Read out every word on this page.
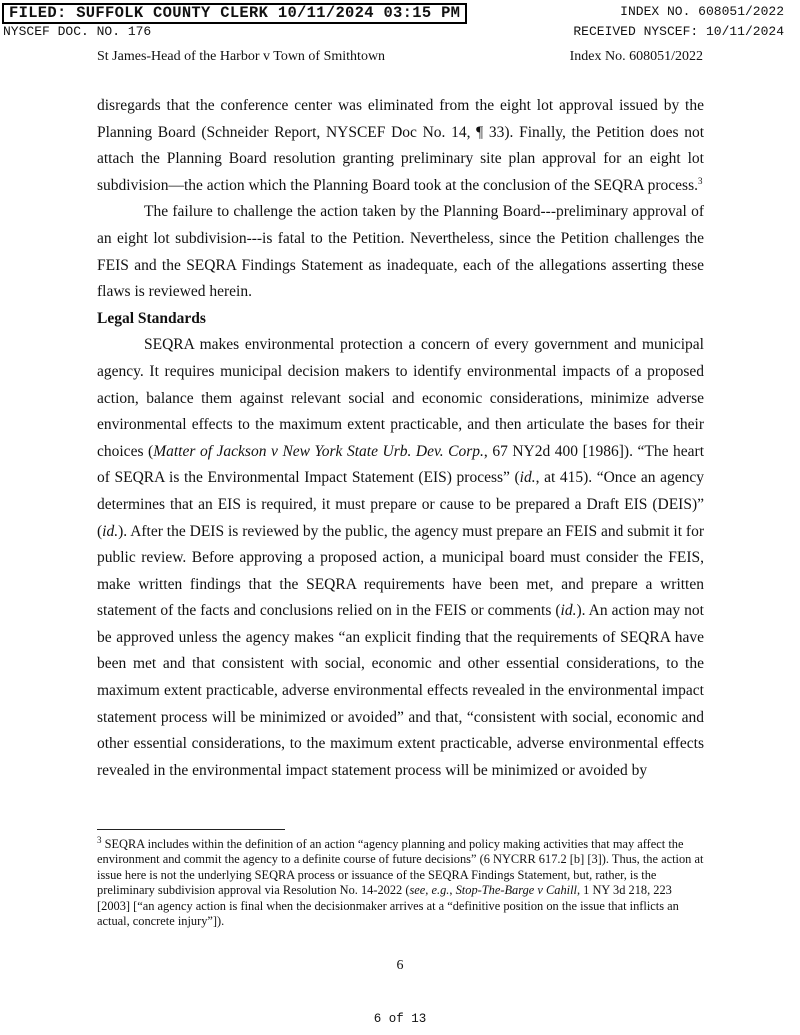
FILED: SUFFOLK COUNTY CLERK 10/11/2024 03:15 PM	INDEX NO. 608051/2022
NYSCEF DOC. NO. 176	RECEIVED NYSCEF: 10/11/2024
St James-Head of the Harbor v Town of Smithtown	Index No. 608051/2022

disregards that the conference center was eliminated from the eight lot approval issued by the Planning Board (Schneider Report, NYSCEF Doc No. 14, ¶ 33). Finally, the Petition does not attach the Planning Board resolution granting preliminary site plan approval for an eight lot subdivision—the action which the Planning Board took at the conclusion of the SEQRA process.$^3$

The failure to challenge the action taken by the Planning Board---preliminary approval of an eight lot subdivision---is fatal to the Petition. Nevertheless, since the Petition challenges the FEIS and the SEQRA Findings Statement as inadequate, each of the allegations asserting these flaws is reviewed herein.

Legal Standards

SEQRA makes environmental protection a concern of every government and municipal agency. It requires municipal decision makers to identify environmental impacts of a proposed action, balance them against relevant social and economic considerations, minimize adverse environmental effects to the maximum extent practicable, and then articulate the bases for their choices (Matter of Jackson v New York State Urb. Dev. Corp., 67 NY2d 400 [1986]). “The heart of SEQRA is the Environmental Impact Statement (EIS) process” (id., at 415). “Once an agency determines that an EIS is required, it must prepare or cause to be prepared a Draft EIS (DEIS)” (id.). After the DEIS is reviewed by the public, the agency must prepare an FEIS and submit it for public review. Before approving a proposed action, a municipal board must consider the FEIS, make written findings that the SEQRA requirements have been met, and prepare a written statement of the facts and conclusions relied on in the FEIS or comments (id.). An action may not be approved unless the agency makes “an explicit finding that the requirements of SEQRA have been met and that consistent with social, economic and other essential considerations, to the maximum extent practicable, adverse environmental effects revealed in the environmental impact statement process will be minimized or avoided” and that, “consistent with social, economic and other essential considerations, to the maximum extent practicable, adverse environmental effects revealed in the environmental impact statement process will be minimized or avoided by

$^3$ SEQRA includes within the definition of an action “agency planning and policy making activities that may affect the environment and commit the agency to a definite course of future decisions” (6 NYCRR 617.2 [b] [3]). Thus, the action at issue here is not the underlying SEQRA process or issuance of the SEQRA Findings Statement, but, rather, is the preliminary subdivision approval via Resolution No. 14-2022 (see, e.g., Stop-The-Barge v Cahill, 1 NY 3d 218, 223 [2003] [“an agency action is final when the decisionmaker arrives at a “definitive position on the issue that inflicts an actual, concrete injury”]).

6
6 of 13
